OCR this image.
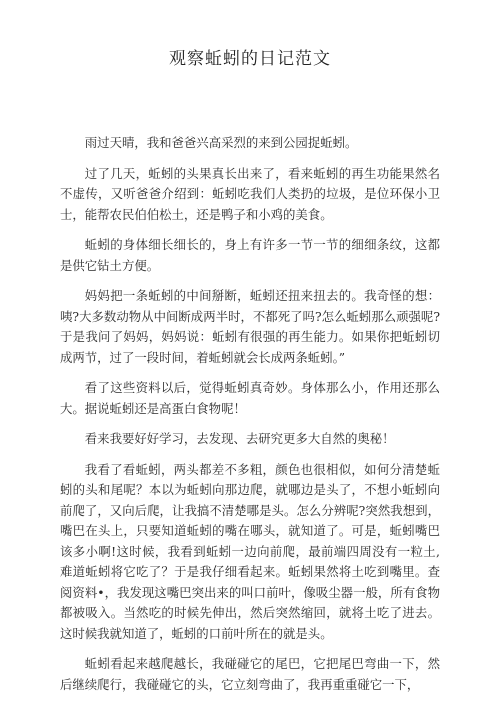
观察蚯蚓的日记范文

雨过天晴，我和爸爸兴高采烈的来到公园捉蚯蚓。

过了几天，蚯蚓的头果真长出来了，看来蚯蚓的再生功能果然名不虚传，又听爸爸介绍到：蚯蚓吃我们人类扔的垃圾，是位环保小卫士，能帮农民伯伯松土，还是鸭子和小鸡的美食。

蚯蚓的身体细长细长的，身上有许多一节一节的细细条纹，这都是供它钻土方便。

妈妈把一条蚯蚓的中间掰断，蚯蚓还扭来扭去的。我奇怪的想：咦?大多数动物从中间断成两半时，不都死了吗?怎么蚯蚓那么顽强呢?于是我问了妈妈，妈妈说：蚯蚓有很强的再生能力。如果你把蚯蚓切成两节，过了一段时间，着蚯蚓就会长成两条蚯蚓。”

看了这些资料以后，觉得蚯蚓真奇妙。身体那么小，作用还那么大。据说蚯蚓还是高蛋白食物呢！

看来我要好好学习，去发现、去研究更多大自然的奥秘！

我看了看蚯蚓，两头都差不多粗，颜色也很相似，如何分清楚蚯蚓的头和尾呢？本以为蚯蚓向那边爬，就哪边是头了，不想小蚯蚓向前爬了，又向后爬，让我搞不清楚哪是头。怎么分辨呢?突然我想到，嘴巴在头上，只要知道蚯蚓的嘴在哪头，就知道了。可是，蚯蚓嘴巴该多小啊!这时候，我看到蚯蚓一边向前爬，最前端四周没有一粒土,难道蚯蚓将它吃了？于是我仔细看起来。蚯蚓果然将土吃到嘴里。查阅资料•，我发现这嘴巴突出来的叫口前叶，像吸尘器一般，所有食物都被吸入。当然吃的时候先伸出，然后突然缩回，就将土吃了进去。这时候我就知道了，蚯蚓的口前叶所在的就是头。

蚯蚓看起来越爬越长，我碰碰它的尾巴，它把尾巴弯曲一下，然后继续爬行，我碰碰它的头，它立刻弯曲了，我再重重碰它一下，
